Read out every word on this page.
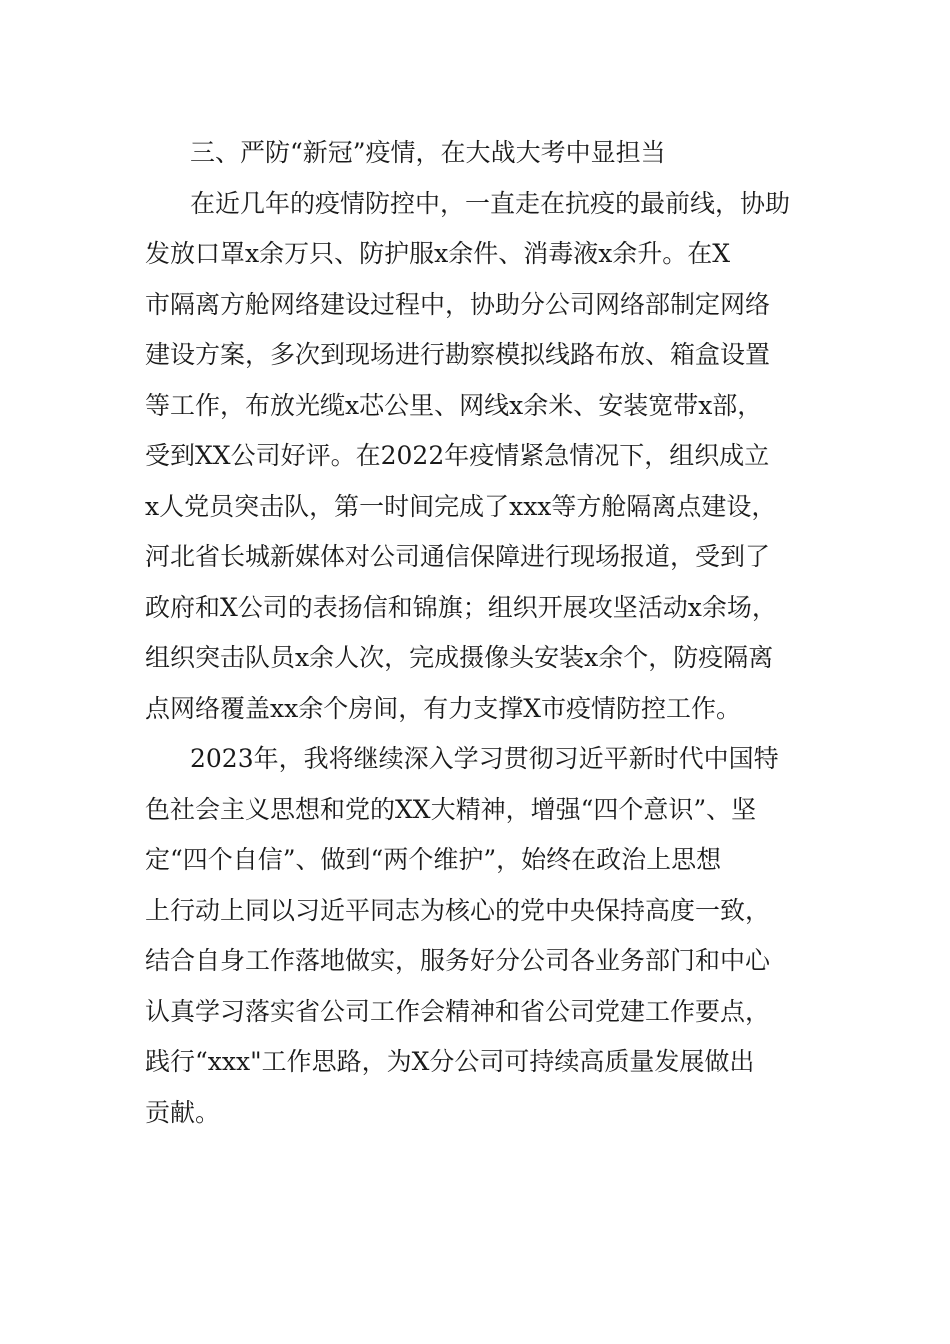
三、严防“新冠”疫情，在大战大考中显担当
在近几年的疫情防控中，一直走在抗疫的最前线，协助
发放口罩x余万只、防护服x余件、消毒液x余升。在X
市隔离方舱网络建设过程中，协助分公司网络部制定网络
建设方案，多次到现场进行勘察模拟线路布放、箱盒设置
等工作，布放光缆x芯公里、网线x余米、安装宽带x部，
受到XX公司好评。在2022年疫情紧急情况下，组织成立
x人党员突击队，第一时间完成了xxx等方舱隔离点建设，
河北省长城新媒体对公司通信保障进行现场报道，受到了
政府和X公司的表扬信和锦旗；组织开展攻坚活动x余场，
组织突击队员x余人次，完成摄像头安装x余个，防疫隔离
点网络覆盖xx余个房间，有力支撑X市疫情防控工作。
2023年，我将继续深入学习贯彻习近平新时代中国特
色社会主义思想和党的XX大精神，增强“四个意识”、坚
定“四个自信”、做到“两个维护”，始终在政治上思想
上行动上同以习近平同志为核心的党中央保持高度一致，
结合自身工作落地做实，服务好分公司各业务部门和中心
认真学习落实省公司工作会精神和省公司党建工作要点，
践行“xxx"工作思路，为X分公司可持续高质量发展做出
贡献。
